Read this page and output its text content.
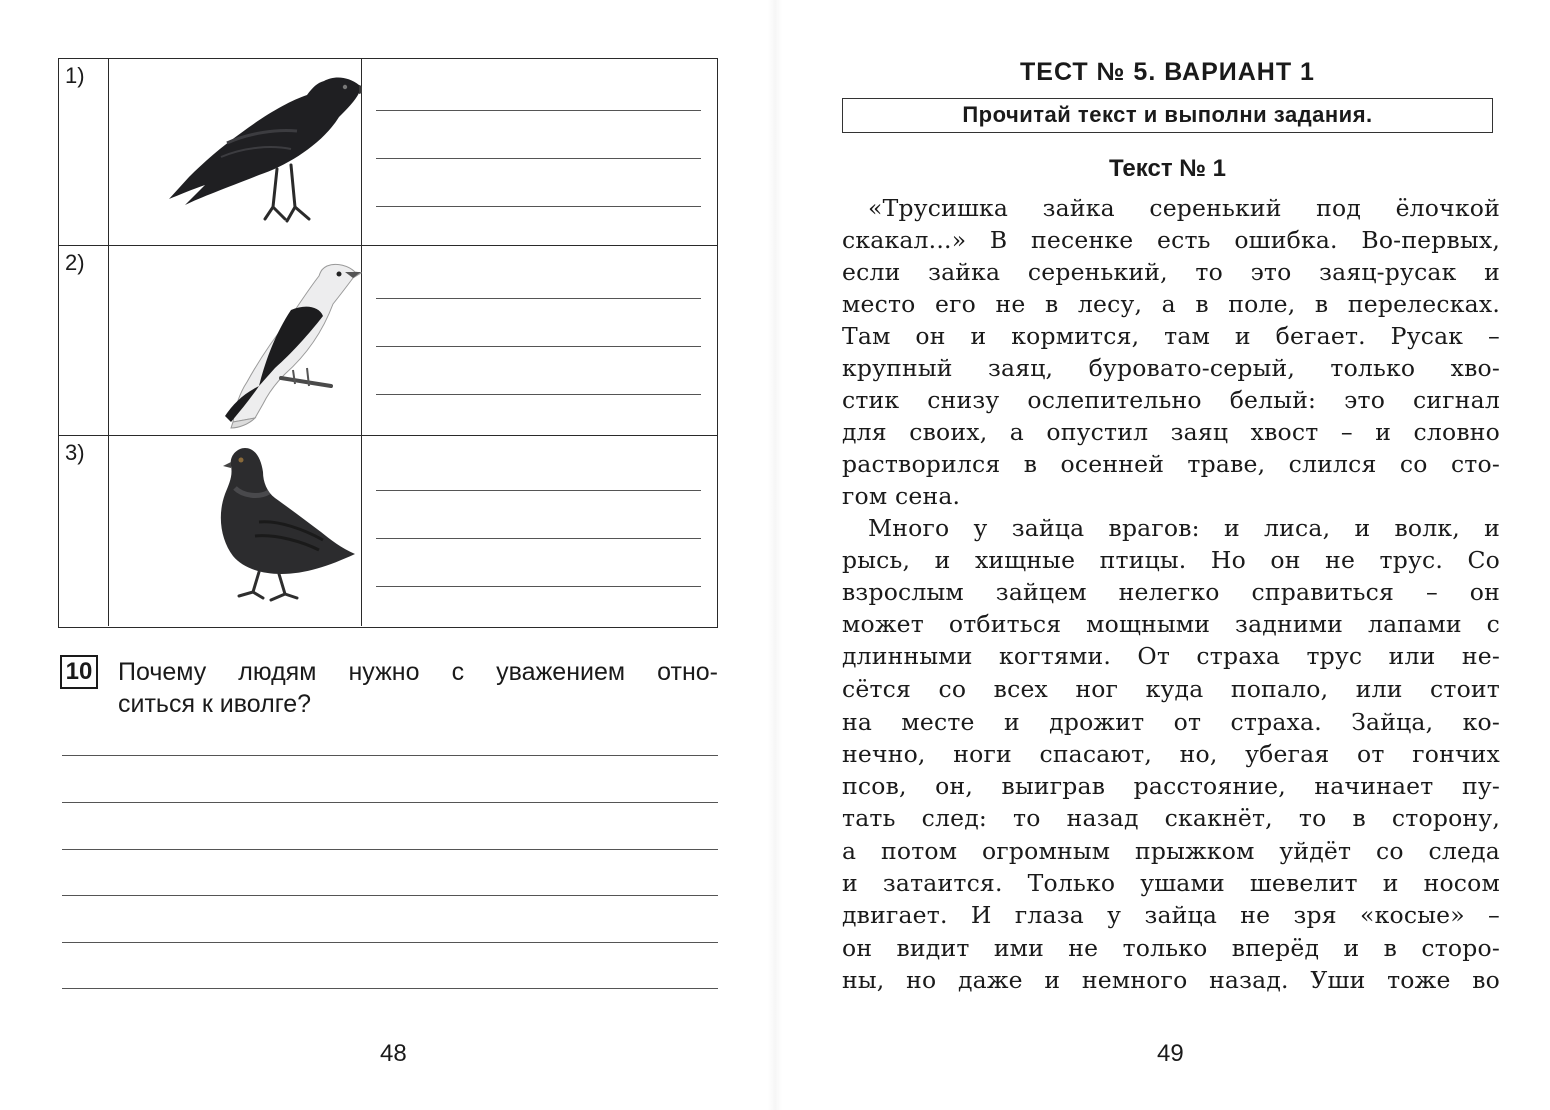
1)
2)
3)
10 Почему людям нужно с уважением отно-
ситься к иволге?
48
ТЕСТ № 5. ВАРИАНТ 1
Прочитай текст и выполни задания.
Текст № 1
«Трусишка зайка серенький под ёлочкой
скакал...» В песенке есть ошибка. Во-первых,
если зайка серенький, то это заяц-русак и
место его не в лесу, а в поле, в перелесках.
Там он и кормится, там и бегает. Русак –
крупный заяц, буровато-серый, только хво-
стик снизу ослепительно белый: это сигнал
для своих, а опустил заяц хвост – и словно
растворился в осенней траве, слился со сто-
гом сена.
Много у зайца врагов: и лиса, и волк, и
рысь, и хищные птицы. Но он не трус. Со
взрослым зайцем нелегко справиться – он
может отбиться мощными задними лапами с
длинными когтями. От страха трус или не-
сётся со всех ног куда попало, или стоит
на месте и дрожит от страха. Зайца, ко-
нечно, ноги спасают, но, убегая от гончих
псов, он, выиграв расстояние, начинает пу-
тать след: то назад скакнёт, то в сторону,
а потом огромным прыжком уйдёт со следа
и затаится. Только ушами шевелит и носом
двигает. И глаза у зайца не зря «косые» –
он видит ими не только вперёд и в сторо-
ны, но даже и немного назад. Уши тоже во
49
